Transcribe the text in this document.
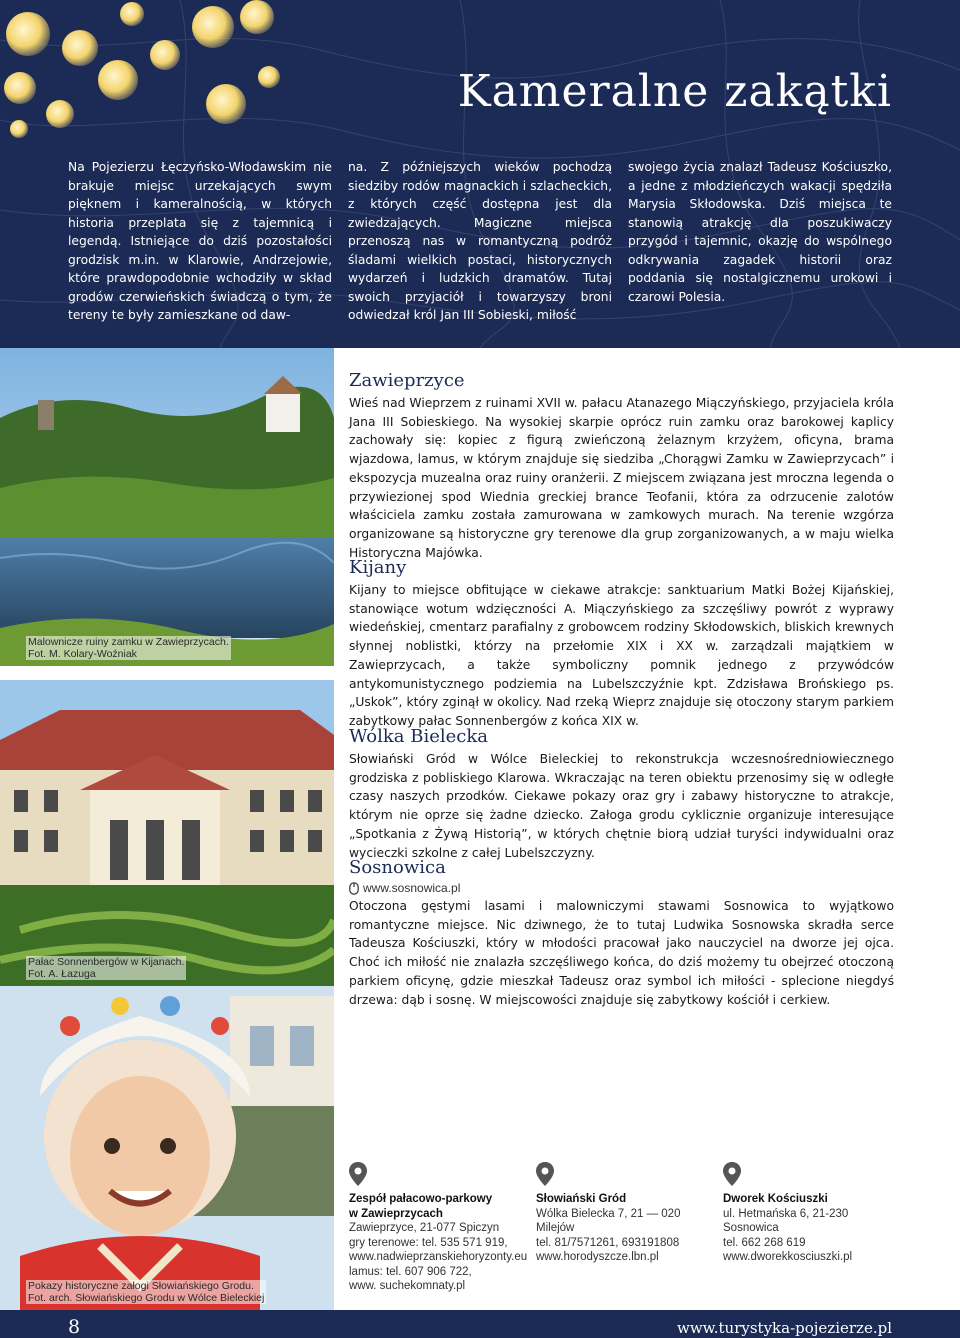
Kameralne zakątki
Na Pojezierzu Łęczyńsko-Włodawskim nie brakuje miejsc urzekających swym pięknem i kameralnością, w których historia przeplata się z tajemnicą i legendą. Istniejące do dziś pozostałości grodzisk m.in. w Klarowie, Andrzejowie, które prawdopodobnie wchodziły w skład grodów czerwieńskich świadczą o tym, że tereny te były zamieszkane od daw-
na. Z późniejszych wieków pochodzą siedziby rodów magnackich i szlacheckich, z których część dostępna jest dla zwiedzających. Magiczne miejsca przenoszą nas w romantyczną podróż śladami wielkich postaci, historycznych wydarzeń i ludzkich dramatów. Tutaj swoich przyjaciół i towarzyszy broni odwiedzał król Jan III Sobieski, miłość
swojego życia znalazł Tadeusz Kościuszko, a jedne z młodzieńczych wakacji spędziła Marysia Skłodowska. Dziś miejsca te stanowią atrakcję dla poszukiwaczy przygód i tajemnic, okazję do wspólnego odkrywania zagadek historii oraz poddania się nostalgicznemu urokowi i czarowi Polesia.
Malownicze ruiny zamku w Zawieprzycach.
Fot. M. Kolary-Woźniak
Pałac Sonnenbergów w Kijanach.
Fot. A. Łazuga
Pokazy historyczne załogi Słowiańskiego Grodu.
Fot. arch. Słowiańskiego Grodu w Wólce Bieleckiej
Zawieprzyce

Wieś nad Wieprzem z ruinami XVII w. pałacu Atanazego Miączyńskiego, przyjaciela króla Jana III Sobieskiego. Na wysokiej skarpie oprócz ruin zamku oraz barokowej kaplicy zachowały się: kopiec z figurą zwieńczoną żelaznym krzyżem, oficyna, brama wjazdowa, lamus, w którym znajduje się siedziba „Chorągwi Zamku w Zawieprzycach” i ekspozycja muzealna oraz ruiny oranżerii. Z miejscem związana jest mroczna legenda o przywiezionej spod Wiednia greckiej brance Teofanii, która za odrzucenie zalotów właściciela zamku została zamurowana w zamkowych murach. Na terenie wzgórza organizowane są historyczne gry terenowe dla grup zorganizowanych, a w maju wielka Historyczna Majówka.

Kijany

Kijany to miejsce obfitujące w ciekawe atrakcje: sanktuarium Matki Bożej Kijańskiej, stanowiące wotum wdzięczności A. Miączyńskiego za szczęśliwy powrót z wyprawy wiedeńskiej, cmentarz parafialny z grobowcem rodziny Skłodowskich, bliskich krewnych słynnej noblistki, którzy na przełomie XIX i XX w. zarządzali majątkiem w Zawieprzycach, a także symboliczny pomnik jednego z przywódców antykomunistycznego podziemia na Lubelszczyźnie kpt. Zdzisława Brońskiego ps. „Uskok”, który zginął w okolicy. Nad rzeką Wieprz znajduje się otoczony starym parkiem zabytkowy pałac Sonnenbergów z końca XIX w.

Wólka Bielecka

Słowiański Gród w Wólce Bieleckiej to rekonstrukcja wczesnośredniowiecznego grodziska z pobliskiego Klarowa. Wkraczając na teren obiektu przenosimy się w odległe czasy naszych przodków. Ciekawe pokazy oraz gry i zabawy historyczne to atrakcje, którym nie oprze się żadne dziecko. Załoga grodu cyklicznie organizuje interesujące „Spotkania z Żywą Historią”, w których chętnie biorą udział turyści indywidualni oraz wycieczki szkolne z całej Lubelszczyzny.

Sosnowica
www.sosnowica.pl

Otoczona gęstymi lasami i malowniczymi stawami Sosnowica to wyjątkowo romantyczne miejsce. Nic dziwnego, że to tutaj Ludwika Sosnowska skradła serce Tadeusza Kościuszki, który w młodości pracował jako nauczyciel na dworze jej ojca. Choć ich miłość nie znalazła szczęśliwego końca, do dziś możemy tu obejrzeć otoczoną parkiem oficynę, gdzie mieszkał Tadeusz oraz symbol ich miłości - splecione niegdyś drzewa: dąb i sosnę. W miejscowości znajduje się zabytkowy kościół i cerkiew.

Zespół pałacowo-parkowy
w Zawieprzycach
Zawieprzyce, 21-077 Spiczyn
gry terenowe: tel. 535 571 919,
www.nadwieprzanskiehoryzonty.eu
lamus: tel. 607 906 722,
www. suchekomnaty.pl
Słowiański Gród
Wólka Bielecka 7, 21 — 020 Milejów
tel. 81/7571261, 693191808
www.horodyszcze.lbn.pl
Dworek Kościuszki
ul. Hetmańska 6, 21-230 Sosnowica
tel. 662 268 619
www.dworekkosciuszki.pl
8	www.turystyka-pojezierze.pl
